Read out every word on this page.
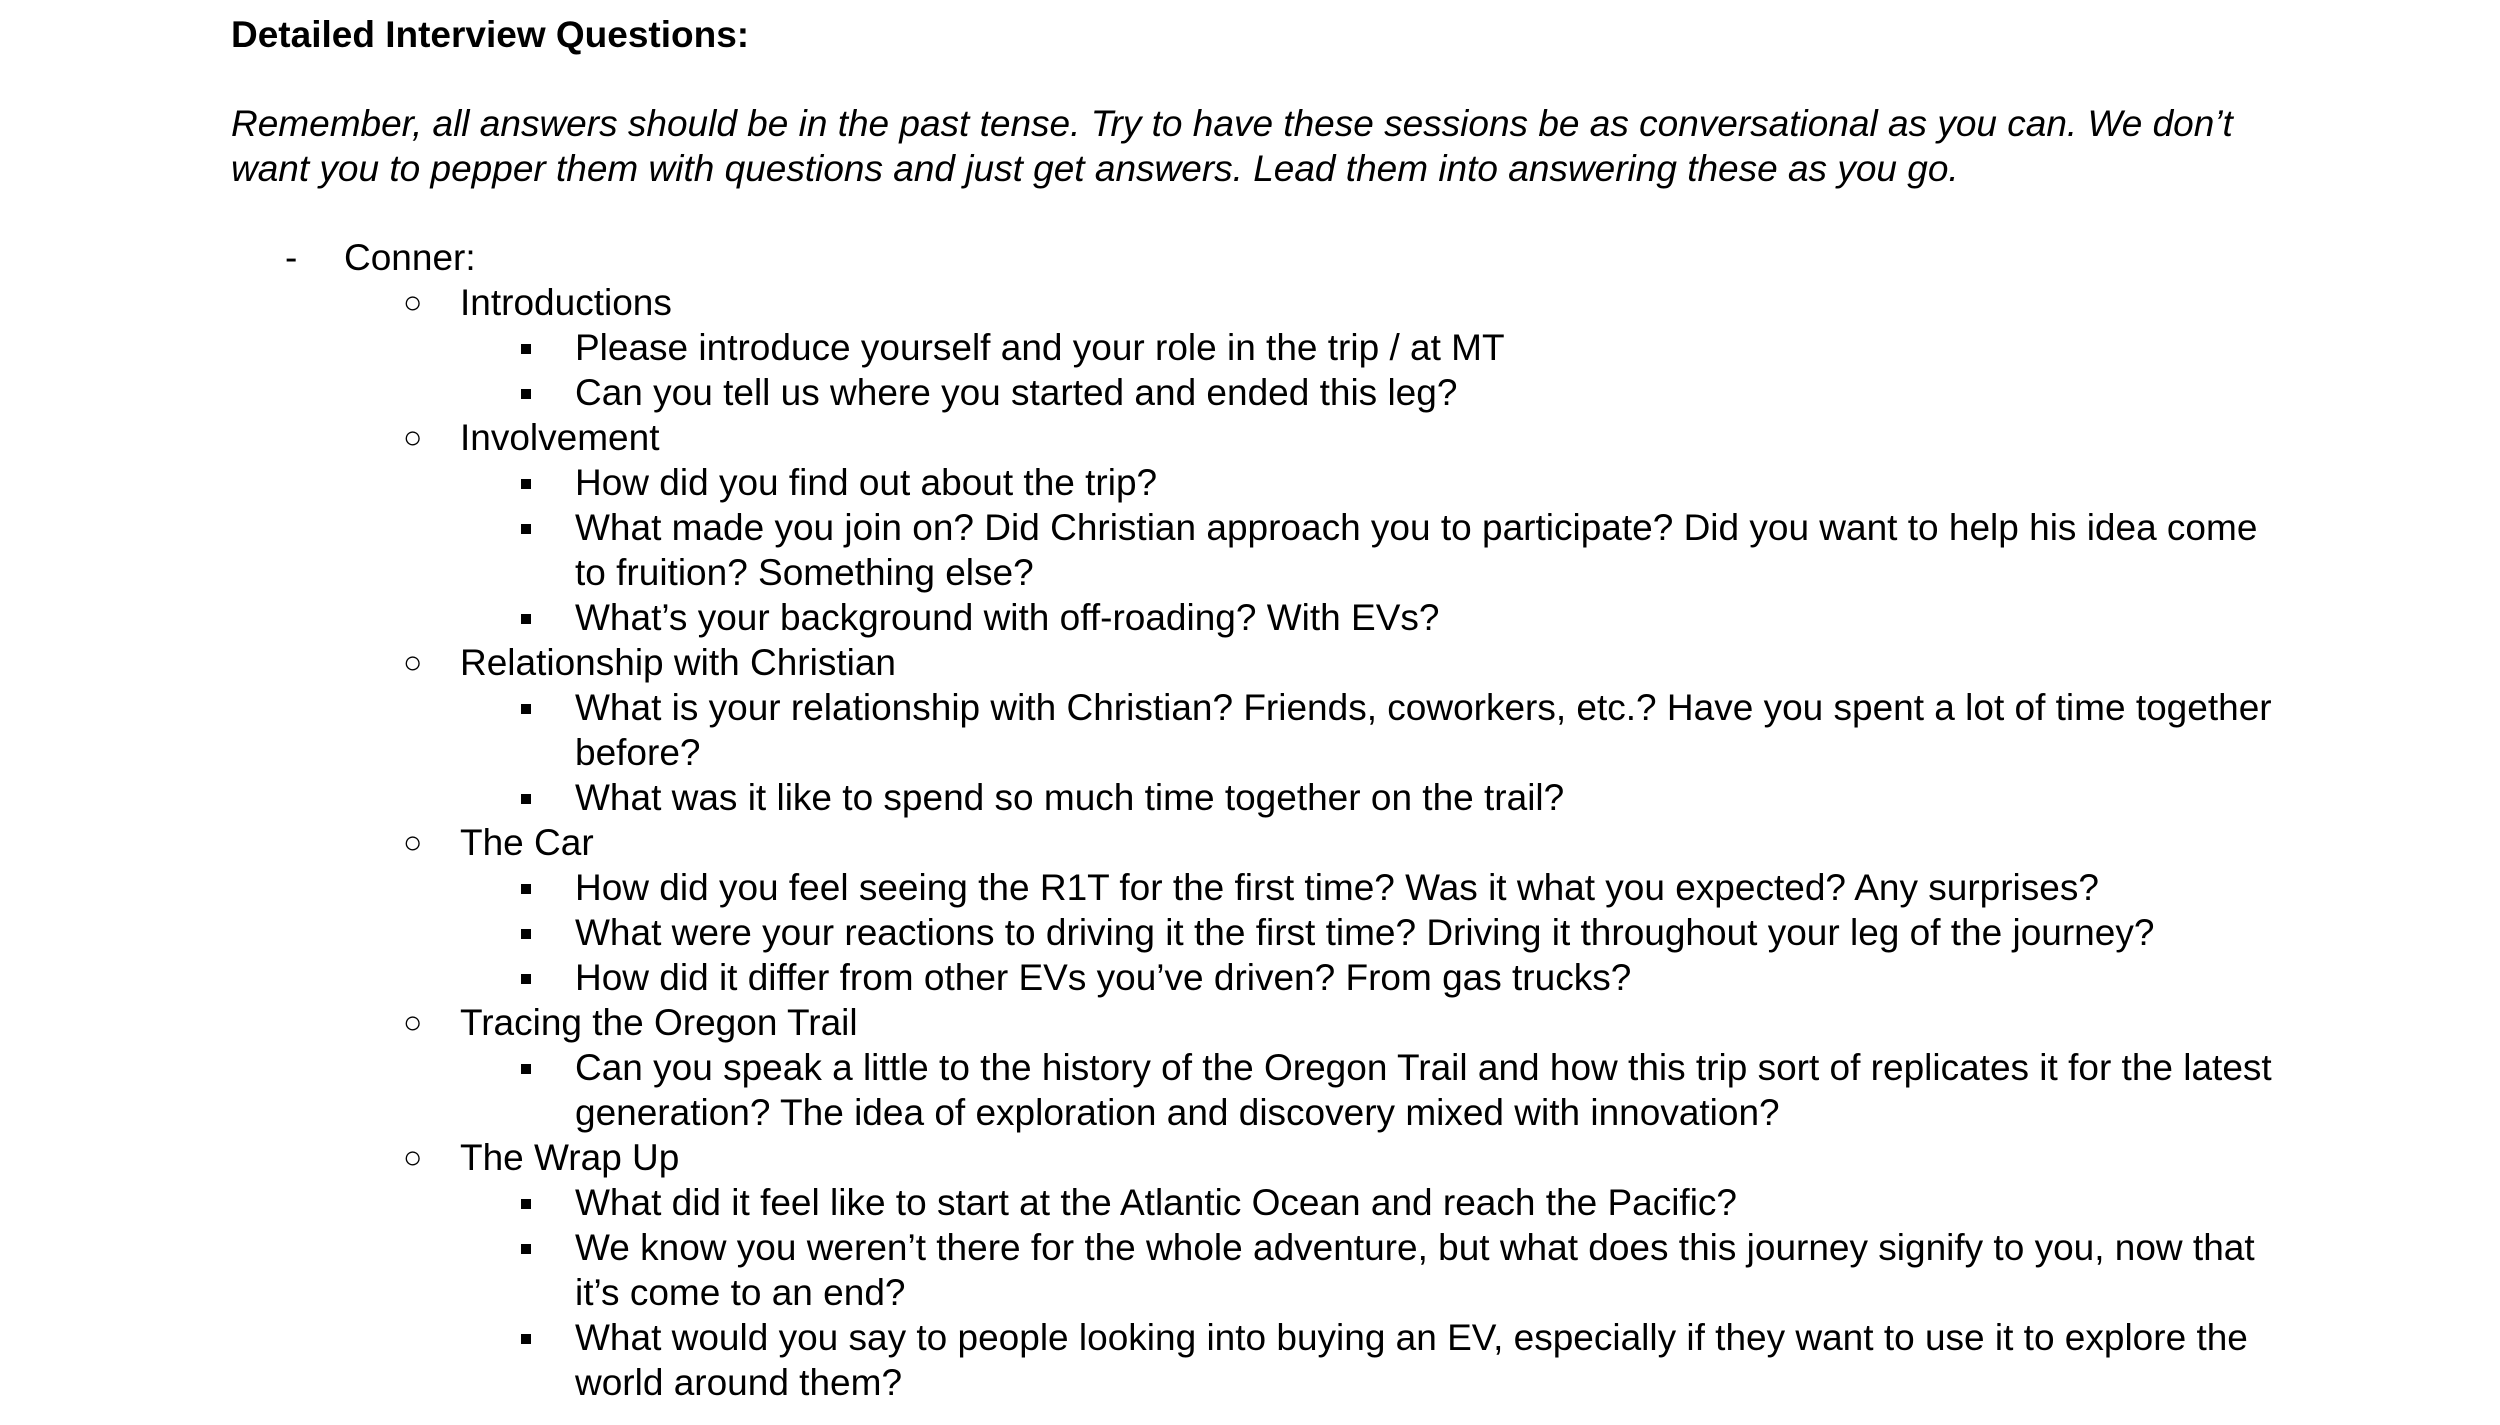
Detailed Interview Questions:
Remember, all answers should be in the past tense. Try to have these sessions be as conversational as you can. We don’t want you to pepper them with questions and just get answers. Lead them into answering these as you go.
- Conner:
○ Introductions
Please introduce yourself and your role in the trip / at MT
Can you tell us where you started and ended this leg?
○ Involvement
How did you find out about the trip?
What made you join on? Did Christian approach you to participate? Did you want to help his idea come to fruition? Something else?
What’s your background with off-roading? With EVs?
○ Relationship with Christian
What is your relationship with Christian? Friends, coworkers, etc.? Have you spent a lot of time together before?
What was it like to spend so much time together on the trail?
○ The Car
How did you feel seeing the R1T for the first time? Was it what you expected? Any surprises?
What were your reactions to driving it the first time? Driving it throughout your leg of the journey?
How did it differ from other EVs you’ve driven? From gas trucks?
○ Tracing the Oregon Trail
Can you speak a little to the history of the Oregon Trail and how this trip sort of replicates it for the latest generation? The idea of exploration and discovery mixed with innovation?
○ The Wrap Up
What did it feel like to start at the Atlantic Ocean and reach the Pacific?
We know you weren’t there for the whole adventure, but what does this journey signify to you, now that it’s come to an end?
What would you say to people looking into buying an EV, especially if they want to use it to explore the world around them?
